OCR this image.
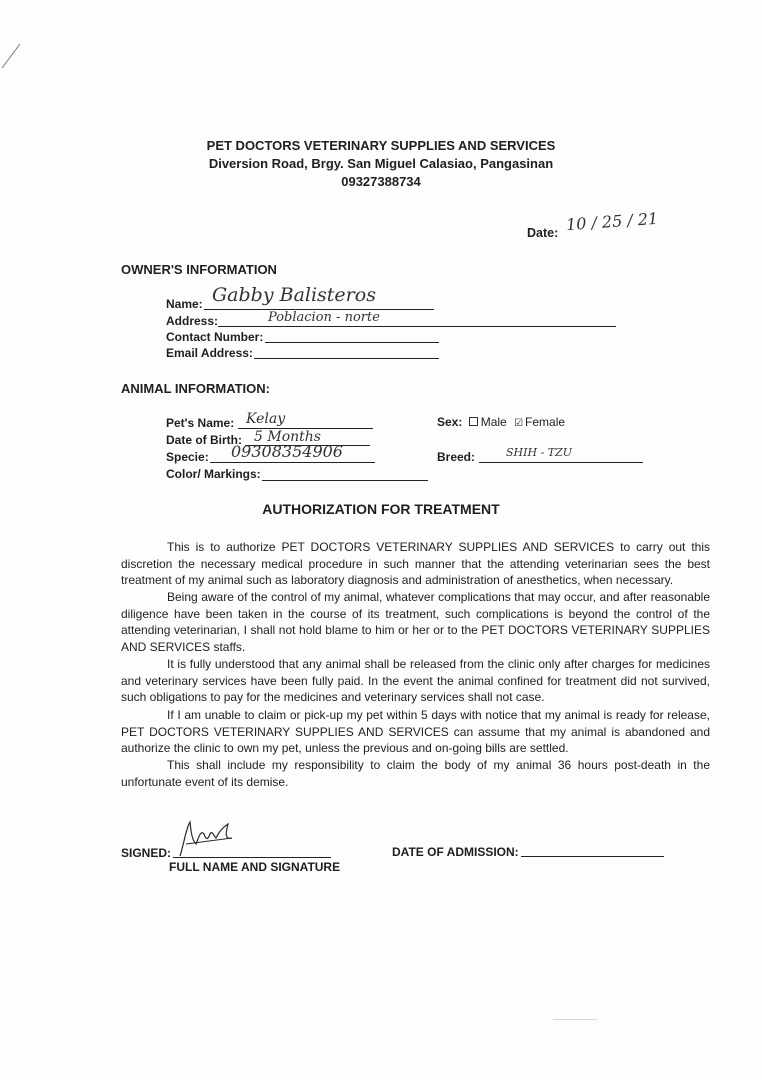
PET DOCTORS VETERINARY SUPPLIES AND SERVICES
Diversion Road, Brgy. San Miguel Calasiao, Pangasinan
09327388734
Date: 10 / 25 / 21
OWNER'S INFORMATION
Name: Gabby Balisteros
Address:	Poblacion - norte
Contact Number:
Email Address:
ANIMAL INFORMATION:
Pet's Name: Kelay
Date of Birth: 5 Months
Specie: 09308354906
Color/ Markings:
Sex: Male ☑ Female
Breed:	SHIH - TZU
AUTHORIZATION FOR TREATMENT

This is to authorize PET DOCTORS VETERINARY SUPPLIES AND SERVICES to carry out this discretion the necessary medical procedure in such manner that the attending veterinarian sees the best treatment of my animal such as laboratory diagnosis and administration of anesthetics, when necessary.

Being aware of the control of my animal, whatever complications that may occur, and after reasonable diligence have been taken in the course of its treatment, such complications is beyond the control of the attending veterinarian, I shall not hold blame to him or her or to the PET DOCTORS VETERINARY SUPPLIES AND SERVICES staffs.

It is fully understood that any animal shall be released from the clinic only after charges for medicines and veterinary services have been fully paid. In the event the animal confined for treatment did not survived, such obligations to pay for the medicines and veterinary services shall not case.

If I am unable to claim or pick-up my pet within 5 days with notice that my animal is ready for release, PET DOCTORS VETERINARY SUPPLIES AND SERVICES can assume that my animal is abandoned and authorize the clinic to own my pet, unless the previous and on-going bills are settled.

This shall include my responsibility to claim the body of my animal 36 hours post-death in the unfortunate event of its demise.

SIGNED:
FULL NAME AND SIGNATURE
DATE OF ADMISSION:
